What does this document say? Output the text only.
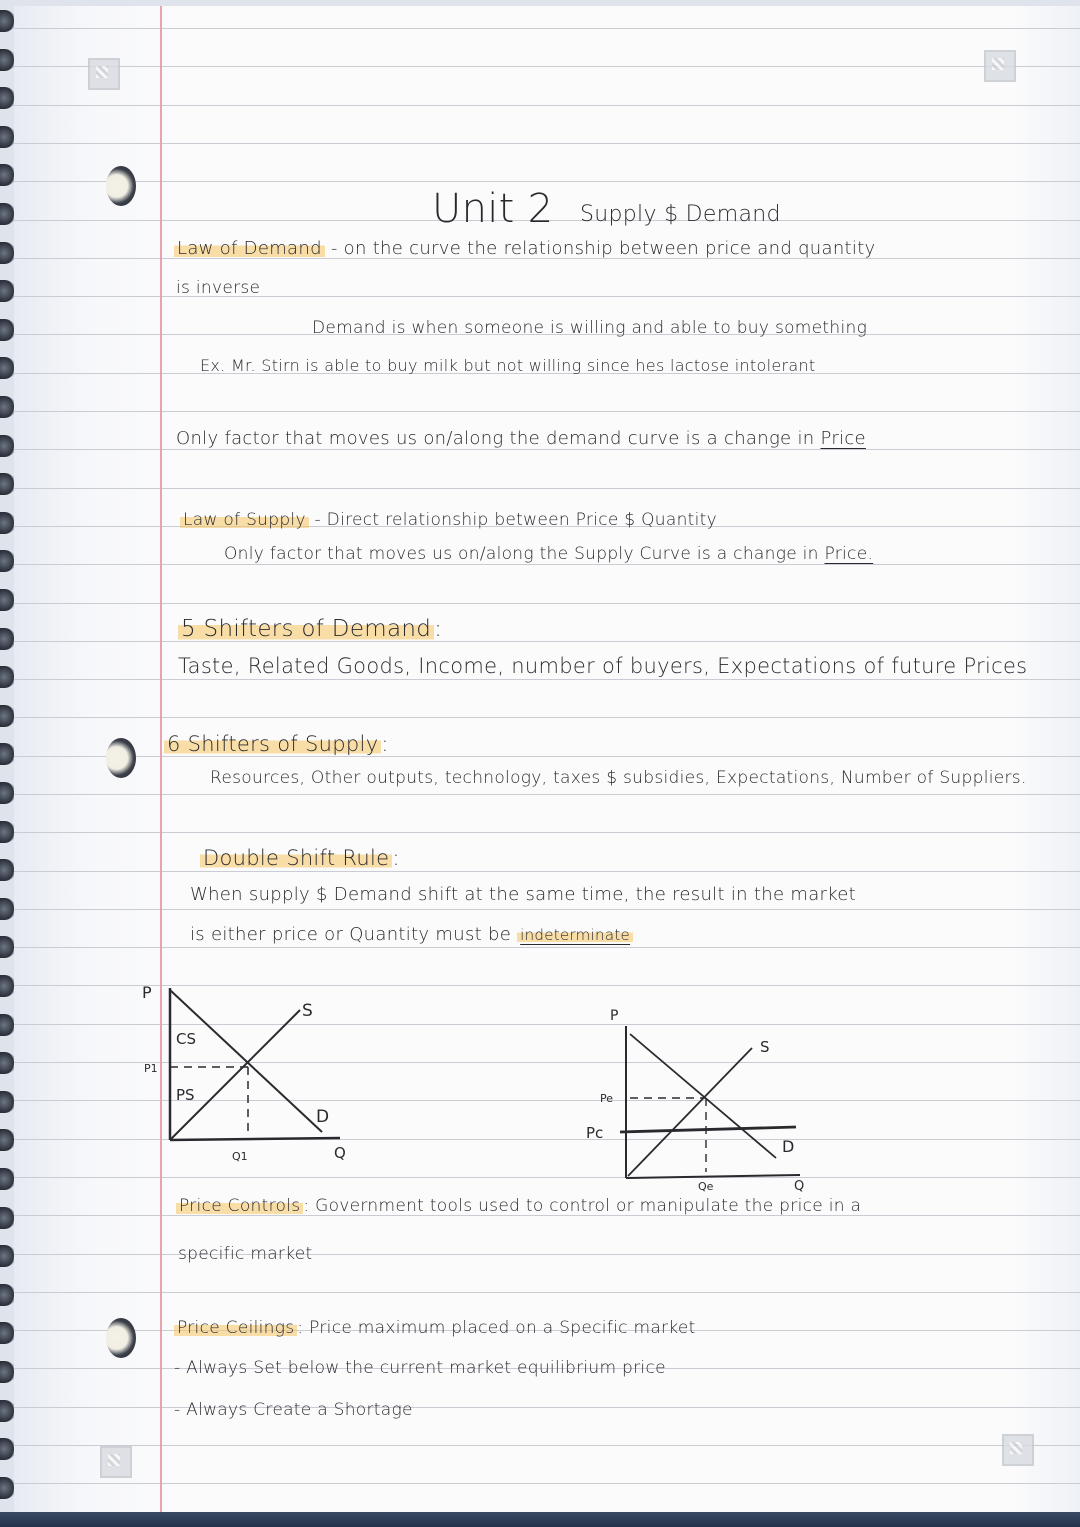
Unit 2 Supply $ Demand
Law of Demand - on the curve the relationship between price and quantity
is inverse
Demand is when someone is willing and able to buy something
Ex. Mr. Stirn is able to buy milk but not willing since hes lactose intolerant
Only factor that moves us on/along the demand curve is a change in Price
Law of Supply - Direct relationship between Price $ Quantity
Only factor that moves us on/along the Supply Curve is a change in Price.
5 Shifters of Demand :
Taste, Related Goods, Income, number of buyers, Expectations of future Prices
6 Shifters of Supply :
Resources, Other outputs, technology, taxes $ subsidies, Expectations, Number of Suppliers.
Double Shift Rule :
When supply $ Demand shift at the same time, the result in the market
is either price or Quantity must be indeterminate
P
Q
S
D
CS
PS
P1
Q1
P
Q
S
D
Pe
Pc
Qe
Price Controls : Government tools used to control or manipulate the price in a
specific market
Price Ceilings : Price maximum placed on a Specific market
- Always Set below the current market equilibrium price
- Always Create a Shortage
